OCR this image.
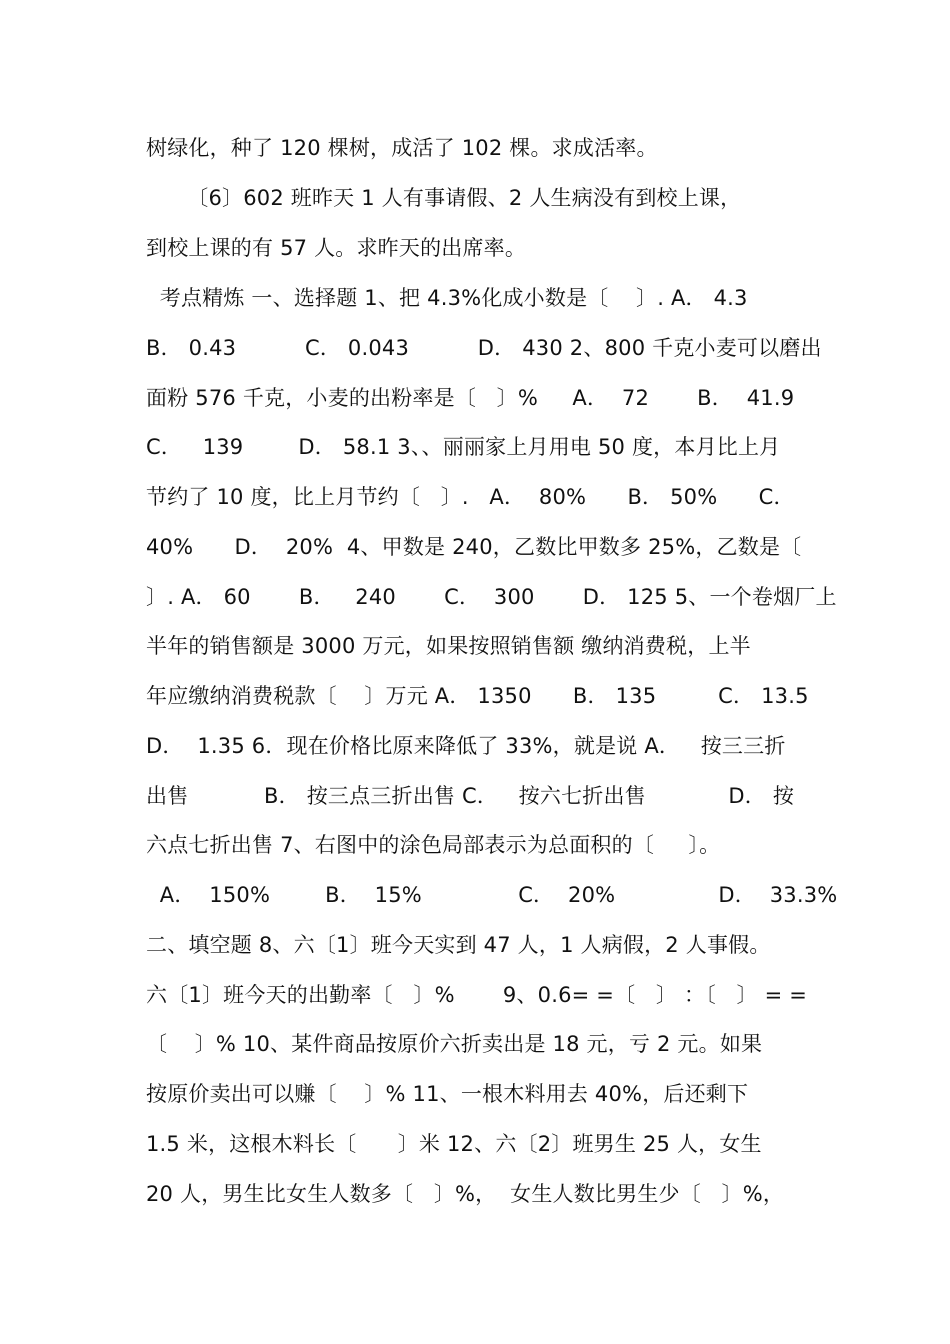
树绿化，种了 120 棵树，成活了 102 棵。求成活率。
〔6〕602 班昨天 1 人有事请假、2 人生病没有到校上课，
到校上课的有 57 人。求昨天的出席率。
考点精炼 一、选择题 1、把 4.3%化成小数是〔    〕. A． 4.3
B． 0.43          C． 0.043          D． 430 2、800 千克小麦可以磨出
面粉 576 千克，小麦的出粉率是〔   〕%     A．  72       B．  41.9
C．   139        D． 58.1 3、、丽丽家上月用电 50 度，本月比上月
节约了 10 度，比上月节约〔   〕.   A．  80%      B． 50%      C．
40%      D．  20%  4、甲数是 240，乙数比甲数多 25%，乙数是〔
〕. A． 60       B．   240       C．  300       D． 125 5、一个卷烟厂上
半年的销售额是 3000 万元，如果按照销售额 缴纳消费税，上半
年应缴纳消费税款〔    〕万元 A． 1350      B． 135         C． 13.5
D．  1.35 6．现在价格比原来降低了 33%，就是说 A．   按三三折
出售           B． 按三点三折出售 C．   按六七折出售            D． 按
六点七折出售 7、右图中的涂色局部表示为总面积的〔     〕。
A．  150%        B．  15%              C．  20%               D．  33.3%
二、填空题 8、六〔1〕班今天实到 47 人，1 人病假，2 人事假。
六〔1〕班今天的出勤率〔   〕%       9、0.6= =〔   〕 ：〔   〕 = =
〔    〕% 10、某件商品按原价六折卖出是 18 元，亏 2 元。如果
按原价卖出可以赚〔    〕% 11、一根木料用去 40%，后还剩下
1.5 米，这根木料长〔      〕米 12、六〔2〕班男生 25 人，女生
20 人，男生比女生人数多〔   〕%，  女生人数比男生少〔   〕%，
